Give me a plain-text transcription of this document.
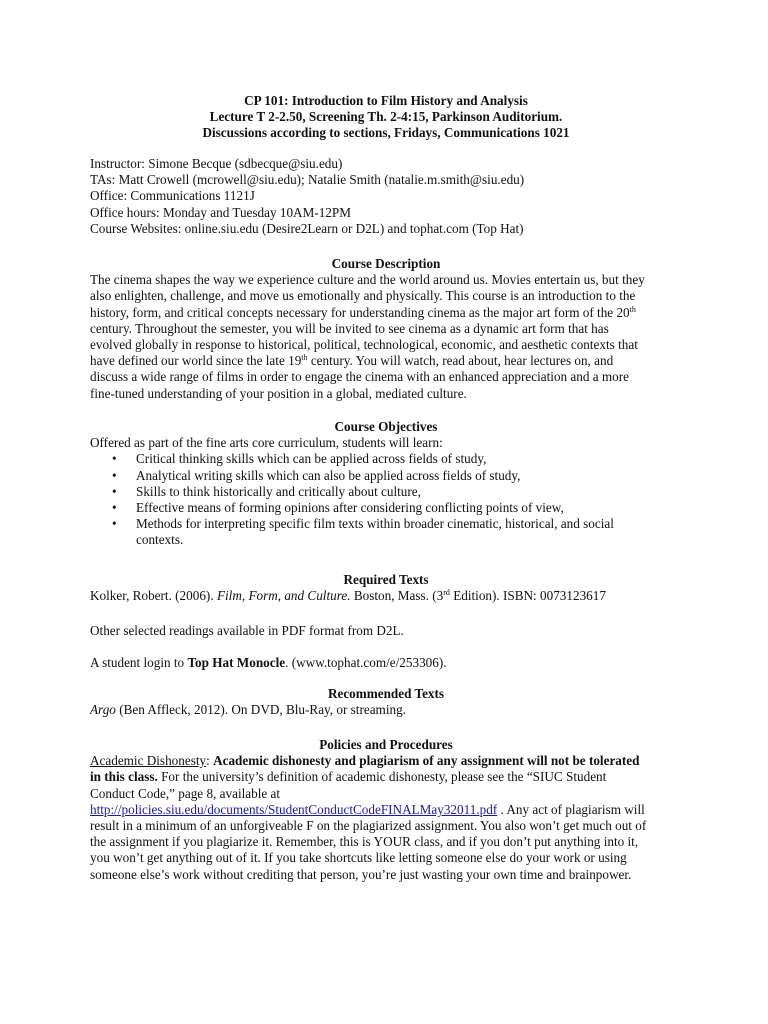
CP 101: Introduction to Film History and Analysis
Lecture T 2-2.50, Screening Th. 2-4:15, Parkinson Auditorium.
Discussions according to sections, Fridays, Communications 1021
Instructor: Simone Becque (sdbecque@siu.edu)
TAs: Matt Crowell (mcrowell@siu.edu); Natalie Smith (natalie.m.smith@siu.edu)
Office: Communications 1121J
Office hours: Monday and Tuesday 10AM-12PM
Course Websites: online.siu.edu (Desire2Learn or D2L) and tophat.com (Top Hat)
Course Description
The cinema shapes the way we experience culture and the world around us. Movies entertain us, but they
also enlighten, challenge, and move us emotionally and physically. This course is an introduction to the
history, form, and critical concepts necessary for understanding cinema as the major art form of the 20th
century. Throughout the semester, you will be invited to see cinema as a dynamic art form that has
evolved globally in response to historical, political, technological, economic, and aesthetic contexts that
have defined our world since the late 19th century. You will watch, read about, hear lectures on, and
discuss a wide range of films in order to engage the cinema with an enhanced appreciation and a more
fine-tuned understanding of your position in a global, mediated culture.
Course Objectives
Offered as part of the fine arts core curriculum, students will learn:
• Critical thinking skills which can be applied across fields of study,
• Analytical writing skills which can also be applied across fields of study,
• Skills to think historically and critically about culture,
• Effective means of forming opinions after considering conflicting points of view,
• Methods for interpreting specific film texts within broader cinematic, historical, and social
contexts.
Required Texts
Kolker, Robert. (2006). Film, Form, and Culture. Boston, Mass. (3rd Edition). ISBN: 0073123617
Other selected readings available in PDF format from D2L.
A student login to Top Hat Monocle. (www.tophat.com/e/253306).
Recommended Texts
Argo (Ben Affleck, 2012). On DVD, Blu-Ray, or streaming.
Policies and Procedures
Academic Dishonesty: Academic dishonesty and plagiarism of any assignment will not be tolerated
in this class. For the university’s definition of academic dishonesty, please see the “SIUC Student
Conduct Code,” page 8, available at
http://policies.siu.edu/documents/StudentConductCodeFINALMay32011.pdf . Any act of plagiarism will
result in a minimum of an unforgiveable F on the plagiarized assignment. You also won’t get much out of
the assignment if you plagiarize it. Remember, this is YOUR class, and if you don’t put anything into it,
you won’t get anything out of it. If you take shortcuts like letting someone else do your work or using
someone else’s work without crediting that person, you’re just wasting your own time and brainpower.
